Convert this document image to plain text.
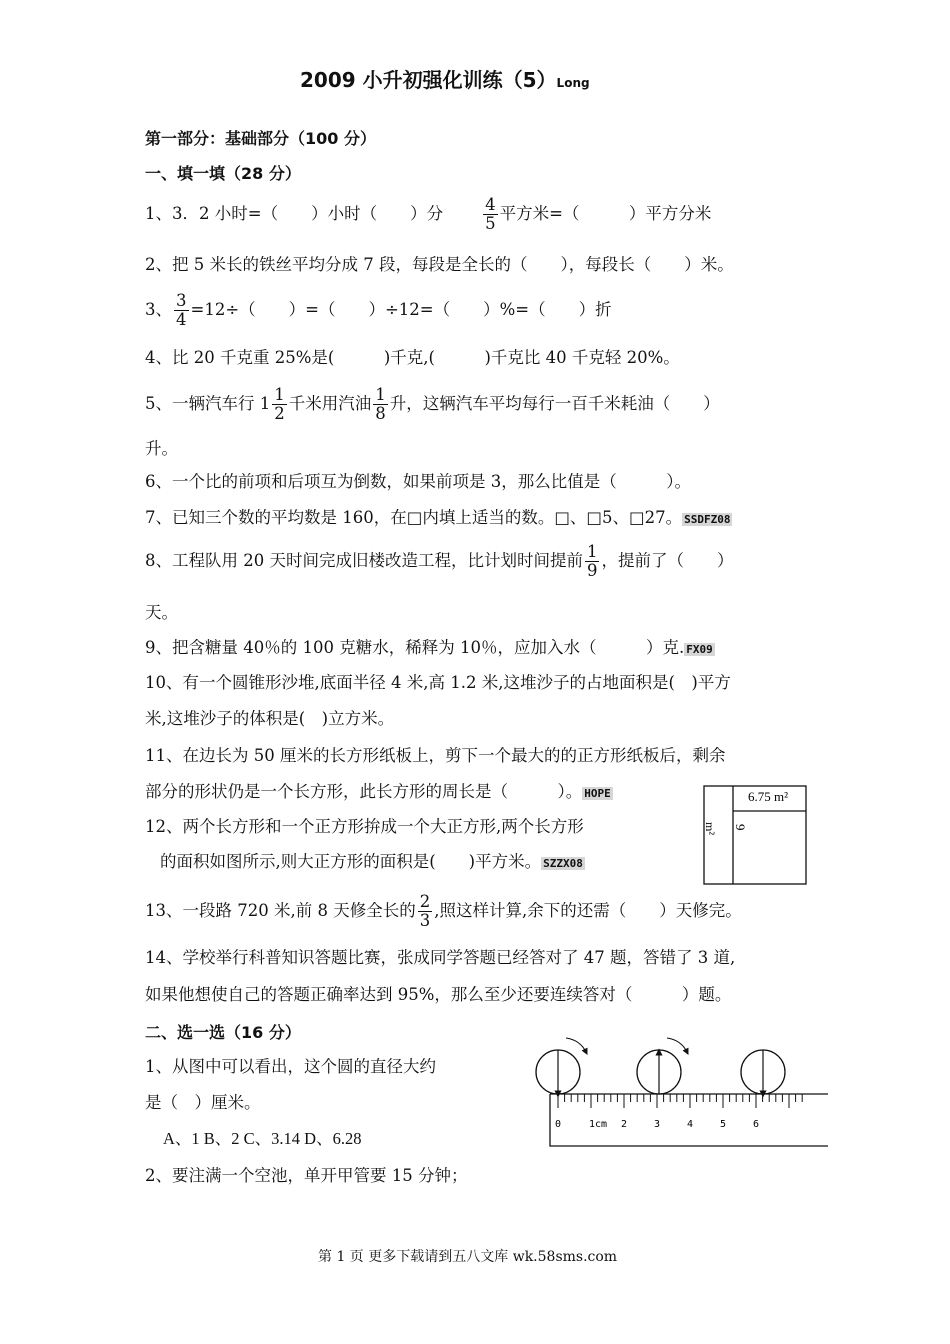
2009 小升初强化训练（5）Long
第一部分：基础部分（100 分）
一、填一填（28 分）
1、3．2 小时=（　　）小时（　　）分 $\frac{4}{5}$ 平方米=（　　　）平方分米
2、把 5 米长的铁丝平均分成 7 段，每段是全长的（　　），每段长（　　）米。
3、 $\frac{3}{4} =12\div$（　　）=（　　）÷12=（　　）%=（　　）折
4、比 20 千克重 25%是(　　　)千克,(　　　)千克比 40 千克轻 20%。
5、一辆汽车行 $1 \frac{1}{2}$ 千米用汽油 $\frac{1}{8}$ 升，这辆汽车平均每行一百千米耗油（　　）
升。
6、一个比的前项和后项互为倒数，如果前项是 3，那么比值是（　　　）。
7、已知三个数的平均数是 160，在□内填上适当的数。□、□5、□27。 SSDFZ08
8、工程队用 20 天时间完成旧楼改造工程，比计划时间提前 $\frac{1}{9}$ ，提前了（　　）
天。
9、把含糖量 40％的 100 克糖水，稀释为 10％，应加入水（　　　）克. FX09
10、有一个圆锥形沙堆,底面半径 4 米,高 1.2 米,这堆沙子的占地面积是(　)平方
米,这堆沙子的体积是(　)立方米。
11、在边长为 50 厘米的长方形纸板上，剪下一个最大的的正方形纸板后，剩余
部分的形状仍是一个长方形，此长方形的周长是（　　　）。 HOPE
12、两个长方形和一个正方形拚成一个大正方形,两个长方形
的面积如图所示,则大正方形的面积是(　　)平方米。 SZZX08
6.75 m²
9
m²
13、一段路 720 米,前 8 天修全长的 $\frac{2}{3}$ ,照这样计算,余下的还需（　　）天修完。
14、学校举行科普知识答题比赛，张成同学答题已经答对了 47 题，答错了 3 道,
如果他想使自己的答题正确率达到 95%，那么至少还要连续答对（　　　）题。
二、选一选（16 分）
1、从图中可以看出，这个圆的直径大约
是（　）厘米。
A、1 B、2 C、3.14 D、6.28
0	1cm 2	3	4	5	6
2、要注满一个空池，单开甲管要 15 分钟；
第 1 页 更多下载请到五八文库 wk.58sms.com
